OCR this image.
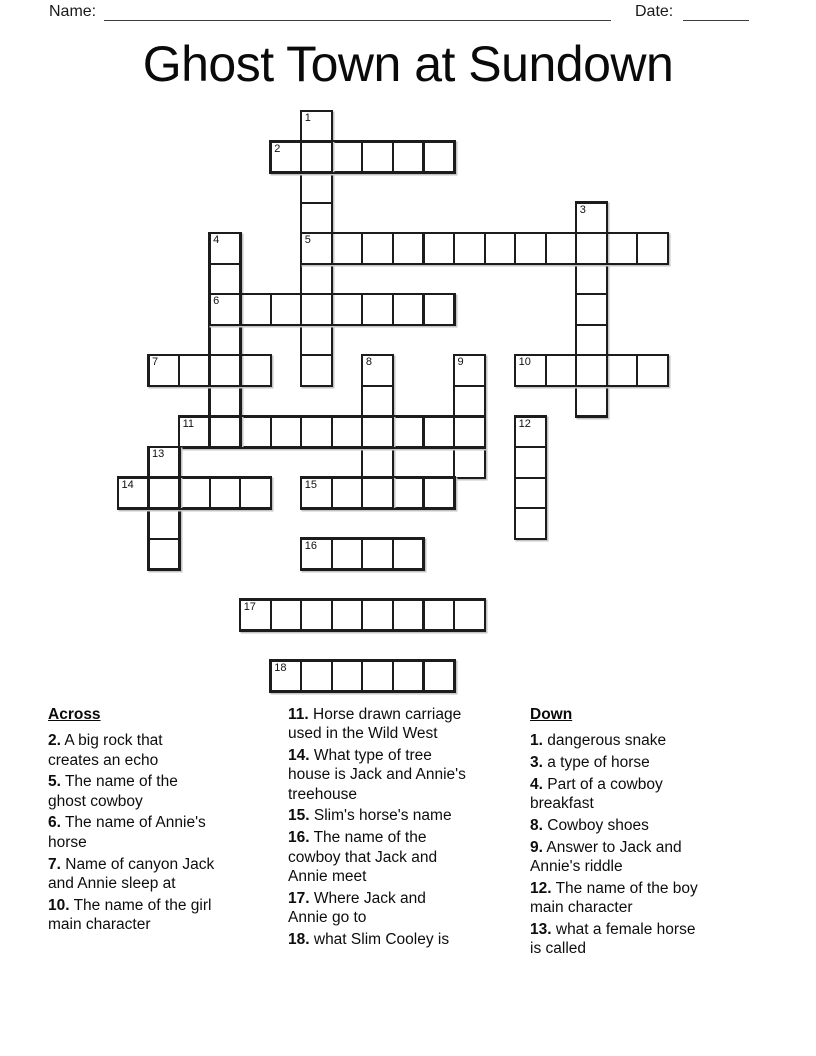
Name:	Date:
Ghost Town at Sundown
1
5
2
3
4
6
7	8	9	10
11	12
13
14	15
16
17
18
Across
2. A big rock that creates an echo
5. The name of the ghost cowboy
6. The name of Annie's horse
7. Name of canyon Jack and Annie sleep at
10. The name of the girl main character
11. Horse drawn carriage used in the Wild West
14. What type of tree house is Jack and Annie's treehouse
15. Slim's horse's name
16. The name of the cowboy that Jack and Annie meet
17. Where Jack and Annie go to
18. what Slim Cooley is
Down
1. dangerous snake
3. a type of horse
4. Part of a cowboy breakfast
8. Cowboy shoes
9. Answer to Jack and Annie's riddle
12. The name of the boy main character
13. what a female horse is called
